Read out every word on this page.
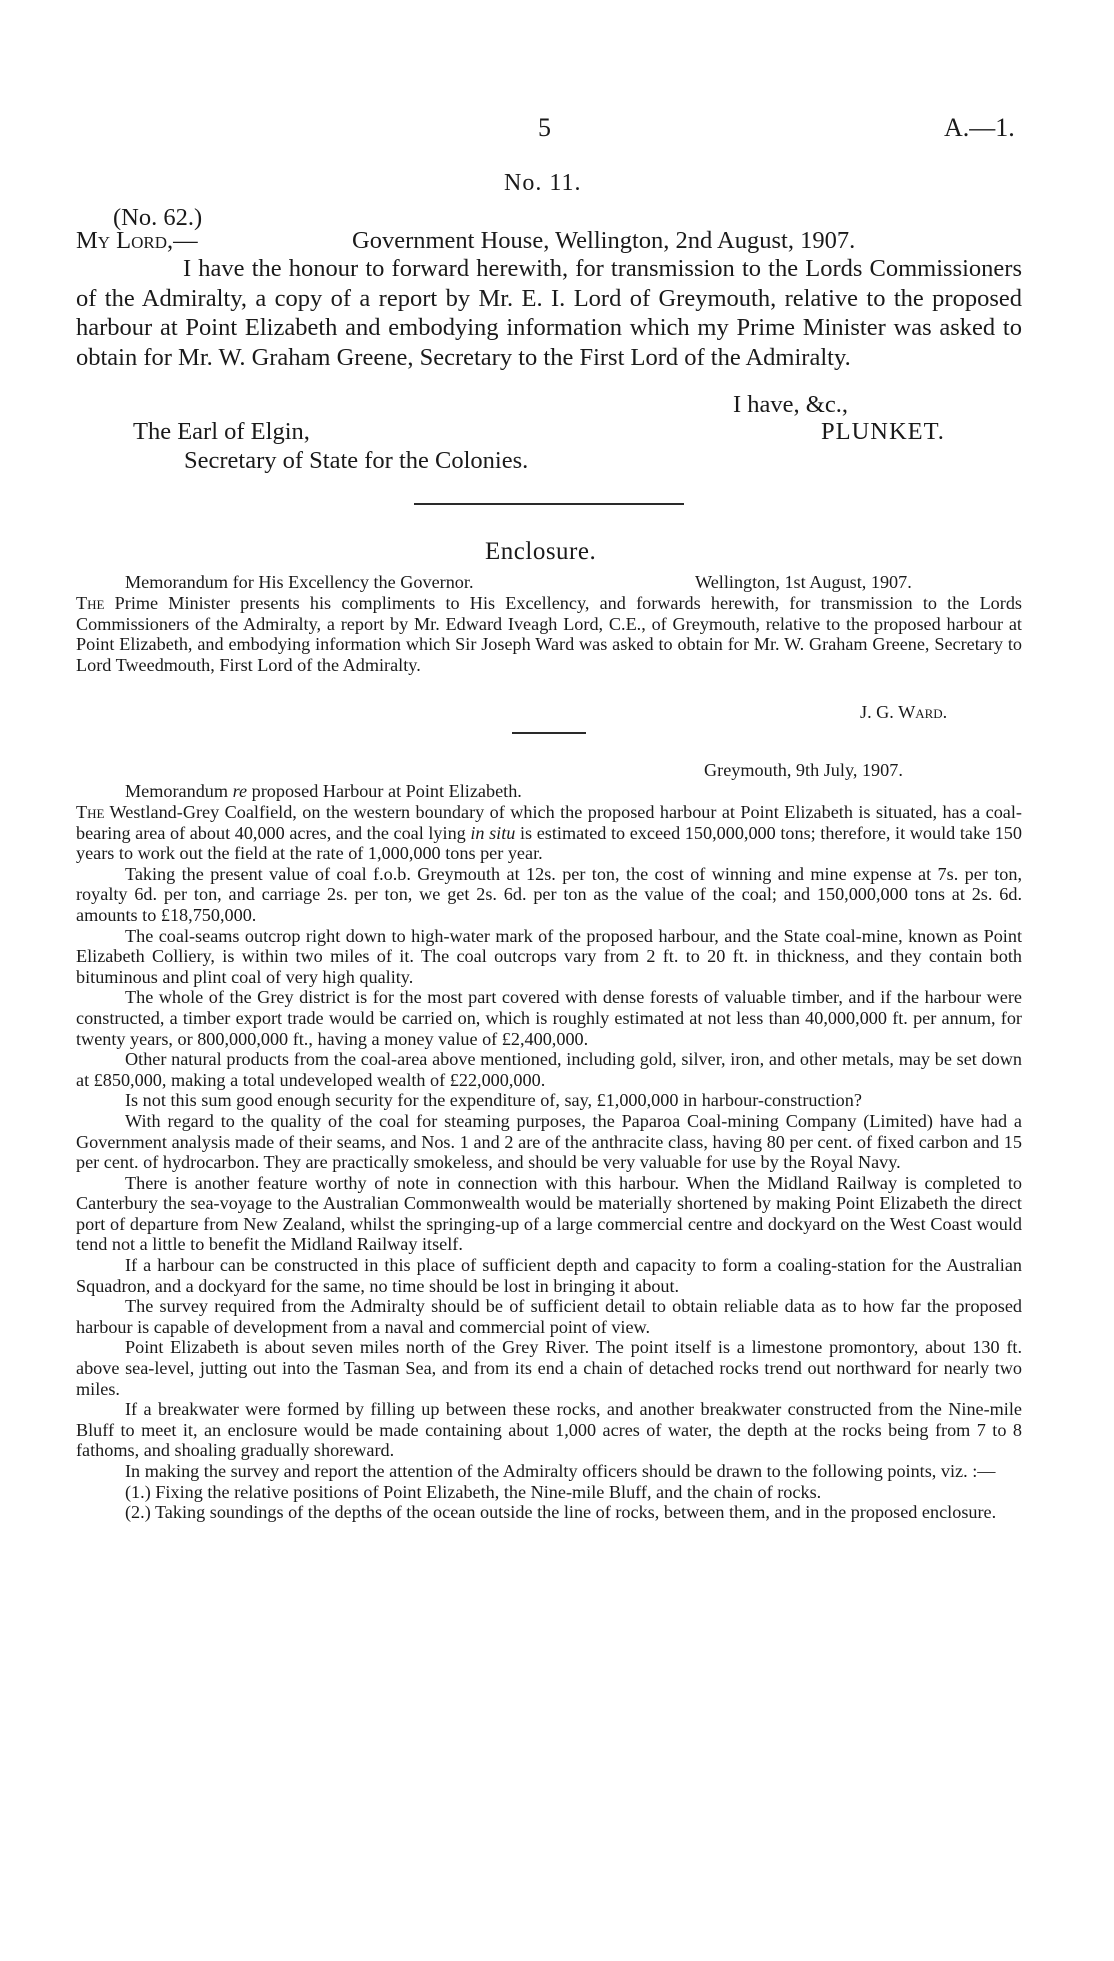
5	A.—1.
No. 11.
(No. 62.)
My Lord,—	Government House, Wellington, 2nd August, 1907.

I have the honour to forward herewith, for transmission to the Lords Commissioners of the Admiralty, a copy of a report by Mr. E. I. Lord of Greymouth, relative to the proposed harbour at Point Elizabeth and embodying information which my Prime Minister was asked to obtain for Mr. W. Graham Greene, Secretary to the First Lord of the Admiralty.

I have, &c.,
The Earl of Elgin,	PLUNKET.
Secretary of State for the Colonies.
Enclosure.
Memorandum for His Excellency the Governor.	Wellington, 1st August, 1907.

The Prime Minister presents his compliments to His Excellency, and forwards herewith, for transmission to the Lords Commissioners of the Admiralty, a report by Mr. Edward Iveagh Lord, C.E., of Greymouth, relative to the proposed harbour at Point Elizabeth, and embodying information which Sir Joseph Ward was asked to obtain for Mr. W. Graham Greene, Secretary to Lord Tweedmouth, First Lord of the Admiralty.

J. G. Ward.
Greymouth, 9th July, 1907.
Memorandum re proposed Harbour at Point Elizabeth.

The Westland-Grey Coalfield, on the western boundary of which the proposed harbour at Point Elizabeth is situated, has a coal-bearing area of about 40,000 acres, and the coal lying in situ is estimated to exceed 150,000,000 tons; therefore, it would take 150 years to work out the field at the rate of 1,000,000 tons per year.

Taking the present value of coal f.o.b. Greymouth at 12s. per ton, the cost of winning and mine expense at 7s. per ton, royalty 6d. per ton, and carriage 2s. per ton, we get 2s. 6d. per ton as the value of the coal; and 150,000,000 tons at 2s. 6d. amounts to £18,750,000.

The coal-seams outcrop right down to high-water mark of the proposed harbour, and the State coal-mine, known as Point Elizabeth Colliery, is within two miles of it. The coal outcrops vary from 2 ft. to 20 ft. in thickness, and they contain both bituminous and plint coal of very high quality.

The whole of the Grey district is for the most part covered with dense forests of valuable timber, and if the harbour were constructed, a timber export trade would be carried on, which is roughly estimated at not less than 40,000,000 ft. per annum, for twenty years, or 800,000,000 ft., having a money value of £2,400,000.

Other natural products from the coal-area above mentioned, including gold, silver, iron, and other metals, may be set down at £850,000, making a total undeveloped wealth of £22,000,000.

Is not this sum good enough security for the expenditure of, say, £1,000,000 in harbour-construction?

With regard to the quality of the coal for steaming purposes, the Paparoa Coal-mining Company (Limited) have had a Government analysis made of their seams, and Nos. 1 and 2 are of the anthracite class, having 80 per cent. of fixed carbon and 15 per cent. of hydrocarbon. They are practically smokeless, and should be very valuable for use by the Royal Navy.

There is another feature worthy of note in connection with this harbour. When the Midland Railway is completed to Canterbury the sea-voyage to the Australian Commonwealth would be materially shortened by making Point Elizabeth the direct port of departure from New Zealand, whilst the springing-up of a large commercial centre and dockyard on the West Coast would tend not a little to benefit the Midland Railway itself.

If a harbour can be constructed in this place of sufficient depth and capacity to form a coaling-station for the Australian Squadron, and a dockyard for the same, no time should be lost in bringing it about.

The survey required from the Admiralty should be of sufficient detail to obtain reliable data as to how far the proposed harbour is capable of development from a naval and commercial point of view.

Point Elizabeth is about seven miles north of the Grey River. The point itself is a limestone promontory, about 130 ft. above sea-level, jutting out into the Tasman Sea, and from its end a chain of detached rocks trend out northward for nearly two miles.

If a breakwater were formed by filling up between these rocks, and another breakwater constructed from the Nine-mile Bluff to meet it, an enclosure would be made containing about 1,000 acres of water, the depth at the rocks being from 7 to 8 fathoms, and shoaling gradually shoreward.

In making the survey and report the attention of the Admiralty officers should be drawn to the following points, viz. :—

(1.) Fixing the relative positions of Point Elizabeth, the Nine-mile Bluff, and the chain of rocks.

(2.) Taking soundings of the depths of the ocean outside the line of rocks, between them, and in the proposed enclosure.
